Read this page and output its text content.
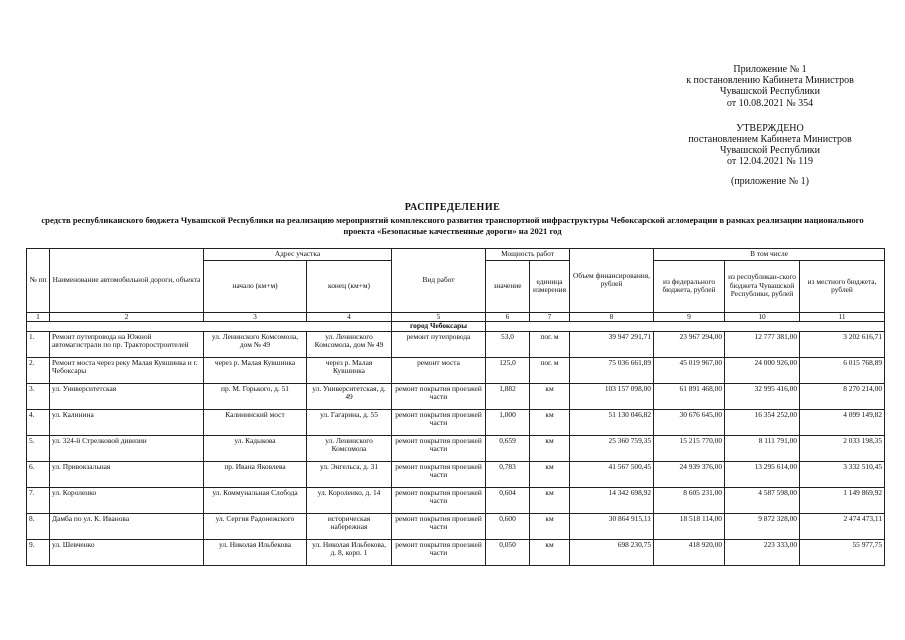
Приложение № 1

к постановлению Кабинета Министров

Чувашской Республики

от 10.08.2021 № 354

УТВЕРЖДЕНО

постановлением Кабинета Министров

Чувашской Республики

от 12.04.2021 № 119

(приложение № 1)

РАСПРЕДЕЛЕНИЕ
средств республиканского бюджета Чувашской Республики на реализацию мероприятий комплексного развития транспортной инфраструктуры Чебоксарской агломерации в рамках реализации национального проекта «Безопасные качественные дороги» на 2021 год
№ пп	Наименование автомобильной дороги, объекта	Адрес участка		Вид работ	Мощность работ		Объем финансирования, рублей	В том числе		
		начало (км+м)	конец (км+м)		значение	единица измерения		из федерального бюджета, рублей	из республикан-ского бюджета Чувашской Республики, рублей	из местного бюджета, рублей
1	2	3	4	5	6	7	8	9	10	11
				город Чебоксары						
1.	Ремонт путепровода на Южной автомагистрали по пр. Тракторостроителей	ул. Ленинского Комсомола, дом № 49	ул. Ленинского Комсомола, дом № 49	ремонт путепровода	53,0	пог. м	39 947 291,71	23 967 294,00	12 777 381,00	3 202 616,71
2.	Ремонт моста через реку Малая Кувшинка и г. Чебоксары	через р. Малая Кувшинка	через р. Малая Кувшинка	ремонт моста	125,0	пог. м	75 036 661,89	45 019 967,00	24 000 926,00	6 015 768,89
3.	ул. Университетская	пр. М. Горького, д. 51	ул. Университетская, д. 49	ремонт покрытия проезжей части	1,882	км	103 157 098,00	61 891 468,00	32 995 416,00	8 270 214,00
4.	ул. Калинина	Калининский мост	ул. Гагарина, д. 55	ремонт покрытия проезжей части	1,000	км	51 130 046,82	30 676 645,00	16 354 252,00	4 099 149,82
5.	ул. 324-й Стрелковой дивизии	ул. Кадыкова	ул. Ленинского Комсомола	ремонт покрытия проезжей части	0,659	км	25 360 759,35	15 215 770,00	8 111 791,00	2 033 198,35
6.	ул. Привокзальная	пр. Ивана Яковлева	ул. Энгельса, д. 31	ремонт покрытия проезжей части	0,783	км	41 567 500,45	24 939 376,00	13 295 614,00	3 332 510,45
7.	ул. Короленко	ул. Коммунальная Слобода	ул. Короленко, д. 14	ремонт покрытия проезжей части	0,604	км	14 342 698,92	8 605 231,00	4 587 598,00	1 149 869,92
8.	Дамба по ул. К. Иванова	ул. Сергия Радонежского	историческая набережная	ремонт покрытия проезжей части	0,600	км	30 864 915,11	18 518 114,00	9 872 328,00	2 474 473,11
9.	ул. Шевченко	ул. Николая Ильбекова	ул. Николая Ильбекова, д. 8, корп. 1	ремонт покрытия проезжей части	0,050	км	698 230,75	418 920,00	223 333,00	55 977,75
